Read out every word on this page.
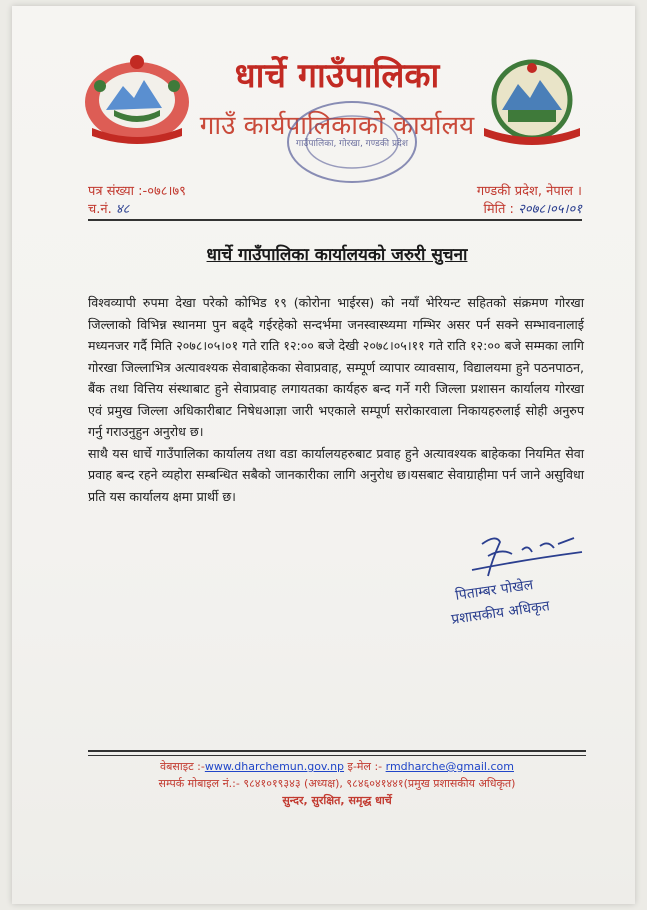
धार्चे गाउँपालिका
गाउँ कार्यपालिकाको कार्यालय
गाउँपालिका, गोरखा, गण्डकी प्रदेश
पत्र संख्या :-०७८।७९
च.नं. ४८
गण्डकी प्रदेश, नेपाल ।
मिति : २०७८।०५।०१
धार्चे गाउँपालिका कार्यालयको जरुरी सुचना

विश्वव्यापी रुपमा देखा परेको कोभिड १९ (कोरोना भाईरस) को नयाँ भेरियन्ट सहितको संक्रमण गोरखा जिल्लाको विभिन्न स्थानमा पुन बढ्दै गईरहेको सन्दर्भमा जनस्वास्थ्यमा गम्भिर असर पर्न सक्ने सम्भावनालाई मध्यनजर गर्दै मिति २०७८।०५।०१ गते राति १२:०० बजे देखी २०७८।०५।११ गते राति १२:०० बजे सम्मका लागि गोरखा जिल्लाभित्र अत्यावश्यक सेवाबाहेकका सेवाप्रवाह, सम्पूर्ण व्यापार व्यावसाय, विद्यालयमा हुने पठनपाठन, बैंक तथा वित्तिय संस्थाबाट हुने सेवाप्रवाह लगायतका कार्यहरु बन्द गर्ने गरी जिल्ला प्रशासन कार्यालय गोरखा एवं प्रमुख जिल्ला अधिकारीबाट निषेधआज्ञा जारी भएकाले सम्पूर्ण सरोकारवाला निकायहरुलाई सोही अनुरुप गर्नु गराउनुहुन अनुरोध छ।

साथै यस धार्चे गाउँपालिका कार्यालय तथा वडा कार्यालयहरुबाट प्रवाह हुने अत्यावश्यक बाहेकका नियमित सेवा प्रवाह बन्द रहने व्यहोरा सम्बन्धित सबैको जानकारीका लागि अनुरोध छ।यसबाट सेवाग्राहीमा पर्न जाने असुविधा प्रति यस कार्यालय क्षमा प्रार्थी छ।

पिताम्बर पोखेल
प्रशासकीय अधिकृत
वेबसाइट :-www.dharchemun.gov.np इ-मेल :- rmdharche@gmail.com
सम्पर्क मोबाइल नं.:- ९८४१०१९३४३ (अध्यक्ष), ९८४६०४१४४१(प्रमुख प्रशासकीय अधिकृत)
सुन्दर, सुरक्षित, समृद्ध धार्चे
